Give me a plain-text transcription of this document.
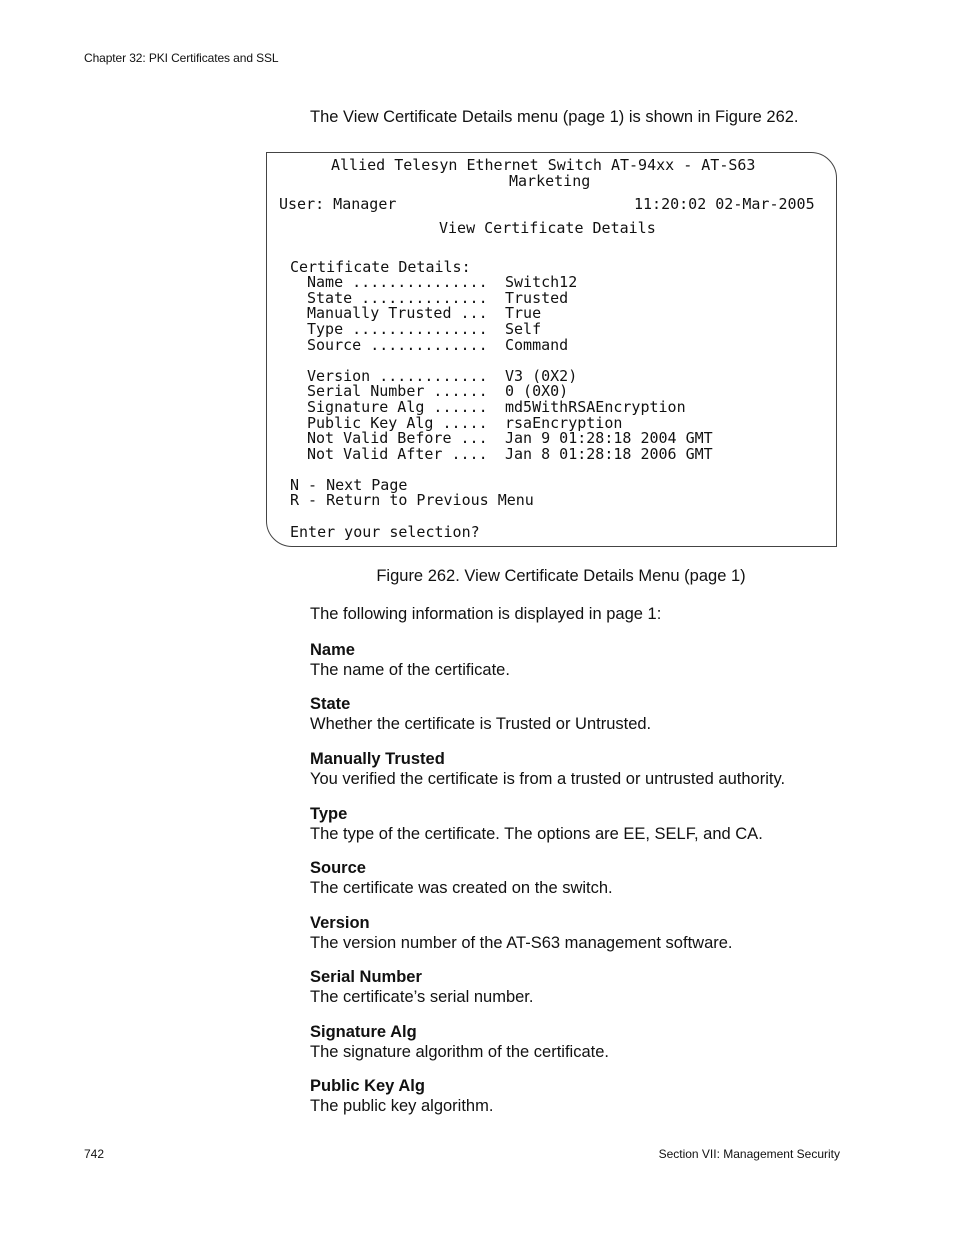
Chapter 32: PKI Certificates and SSL
The View Certificate Details menu (page 1) is shown in Figure 262.
Allied Telesyn Ethernet Switch AT-94xx - AT-S63
Marketing
User: Manager	11:20:02 02-Mar-2005
View Certificate Details
Certificate Details:
Name ............... Switch12
State .............. Trusted
Manually Trusted ... True
Type ............... Self
Source ............. Command
Version ............ V3 (0X2)
Serial Number ...... 0 (0X0)
Signature Alg ...... md5WithRSAEncryption
Public Key Alg ..... rsaEncryption
Not Valid Before ... Jan 9 01:28:18 2004 GMT
Not Valid After .... Jan 8 01:28:18 2006 GMT
N - Next Page
R - Return to Previous Menu
Enter your selection?
Figure 262. View Certificate Details Menu (page 1)
The following information is displayed in page 1:
Name
The name of the certificate.
State
Whether the certificate is Trusted or Untrusted.
Manually Trusted
You verified the certificate is from a trusted or untrusted authority.
Type
The type of the certificate. The options are EE, SELF, and CA.
Source
The certificate was created on the switch.
Version
The version number of the AT-S63 management software.
Serial Number
The certificate’s serial number.
Signature Alg
The signature algorithm of the certificate.
Public Key Alg
The public key algorithm.
742	Section VII: Management Security
